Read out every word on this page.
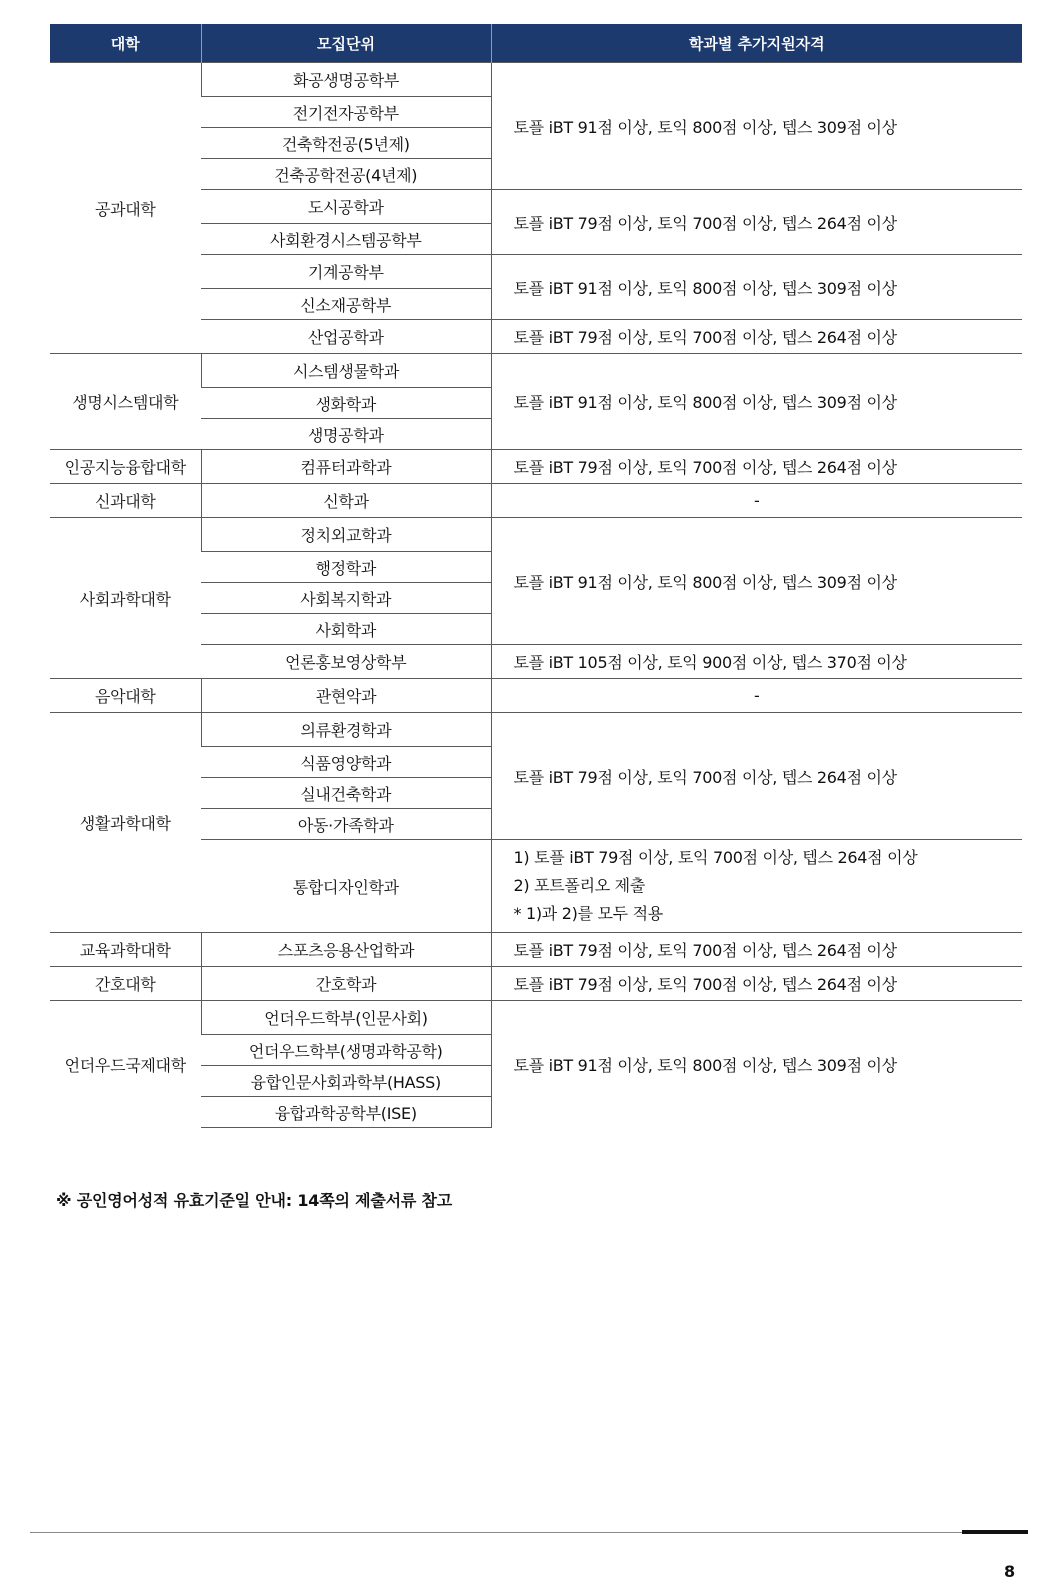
대학	모집단위	학과별 추가지원자격
공과대학	화공생명공학부	토플 iBT 91점 이상, 토익 800점 이상, 텝스 309점 이상
	전기전자공학부	
	건축학전공(5년제)	
	건축공학전공(4년제)	
	도시공학과	토플 iBT 79점 이상, 토익 700점 이상, 텝스 264점 이상
	사회환경시스템공학부	
	기계공학부	토플 iBT 91점 이상, 토익 800점 이상, 텝스 309점 이상
	신소재공학부	
	산업공학과	토플 iBT 79점 이상, 토익 700점 이상, 텝스 264점 이상
생명시스템대학	시스템생물학과	토플 iBT 91점 이상, 토익 800점 이상, 텝스 309점 이상
	생화학과	
	생명공학과	
인공지능융합대학	컴퓨터과학과	토플 iBT 79점 이상, 토익 700점 이상, 텝스 264점 이상
신과대학	신학과	-
사회과학대학	정치외교학과	토플 iBT 91점 이상, 토익 800점 이상, 텝스 309점 이상
	행정학과	
	사회복지학과	
	사회학과	
	언론홍보영상학부	토플 iBT 105점 이상, 토익 900점 이상, 텝스 370점 이상
음악대학	관현악과	-
생활과학대학	의류환경학과	토플 iBT 79점 이상, 토익 700점 이상, 텝스 264점 이상
	식품영양학과	
	실내건축학과	
	아동·가족학과	
	통합디자인학과	1) 토플 iBT 79점 이상, 토익 700점 이상, 텝스 264점 이상
2) 포트폴리오 제출
* 1)과 2)를 모두 적용

교육과학대학	스포츠응용산업학과	토플 iBT 79점 이상, 토익 700점 이상, 텝스 264점 이상
간호대학	간호학과	토플 iBT 79점 이상, 토익 700점 이상, 텝스 264점 이상
언더우드국제대학	언더우드학부(인문사회)	토플 iBT 91점 이상, 토익 800점 이상, 텝스 309점 이상
	언더우드학부(생명과학공학)	
	융합인문사회과학부(HASS)	
	융합과학공학부(ISE)	
※ 공인영어성적 유효기준일 안내: 14쪽의 제출서류 참고
8
